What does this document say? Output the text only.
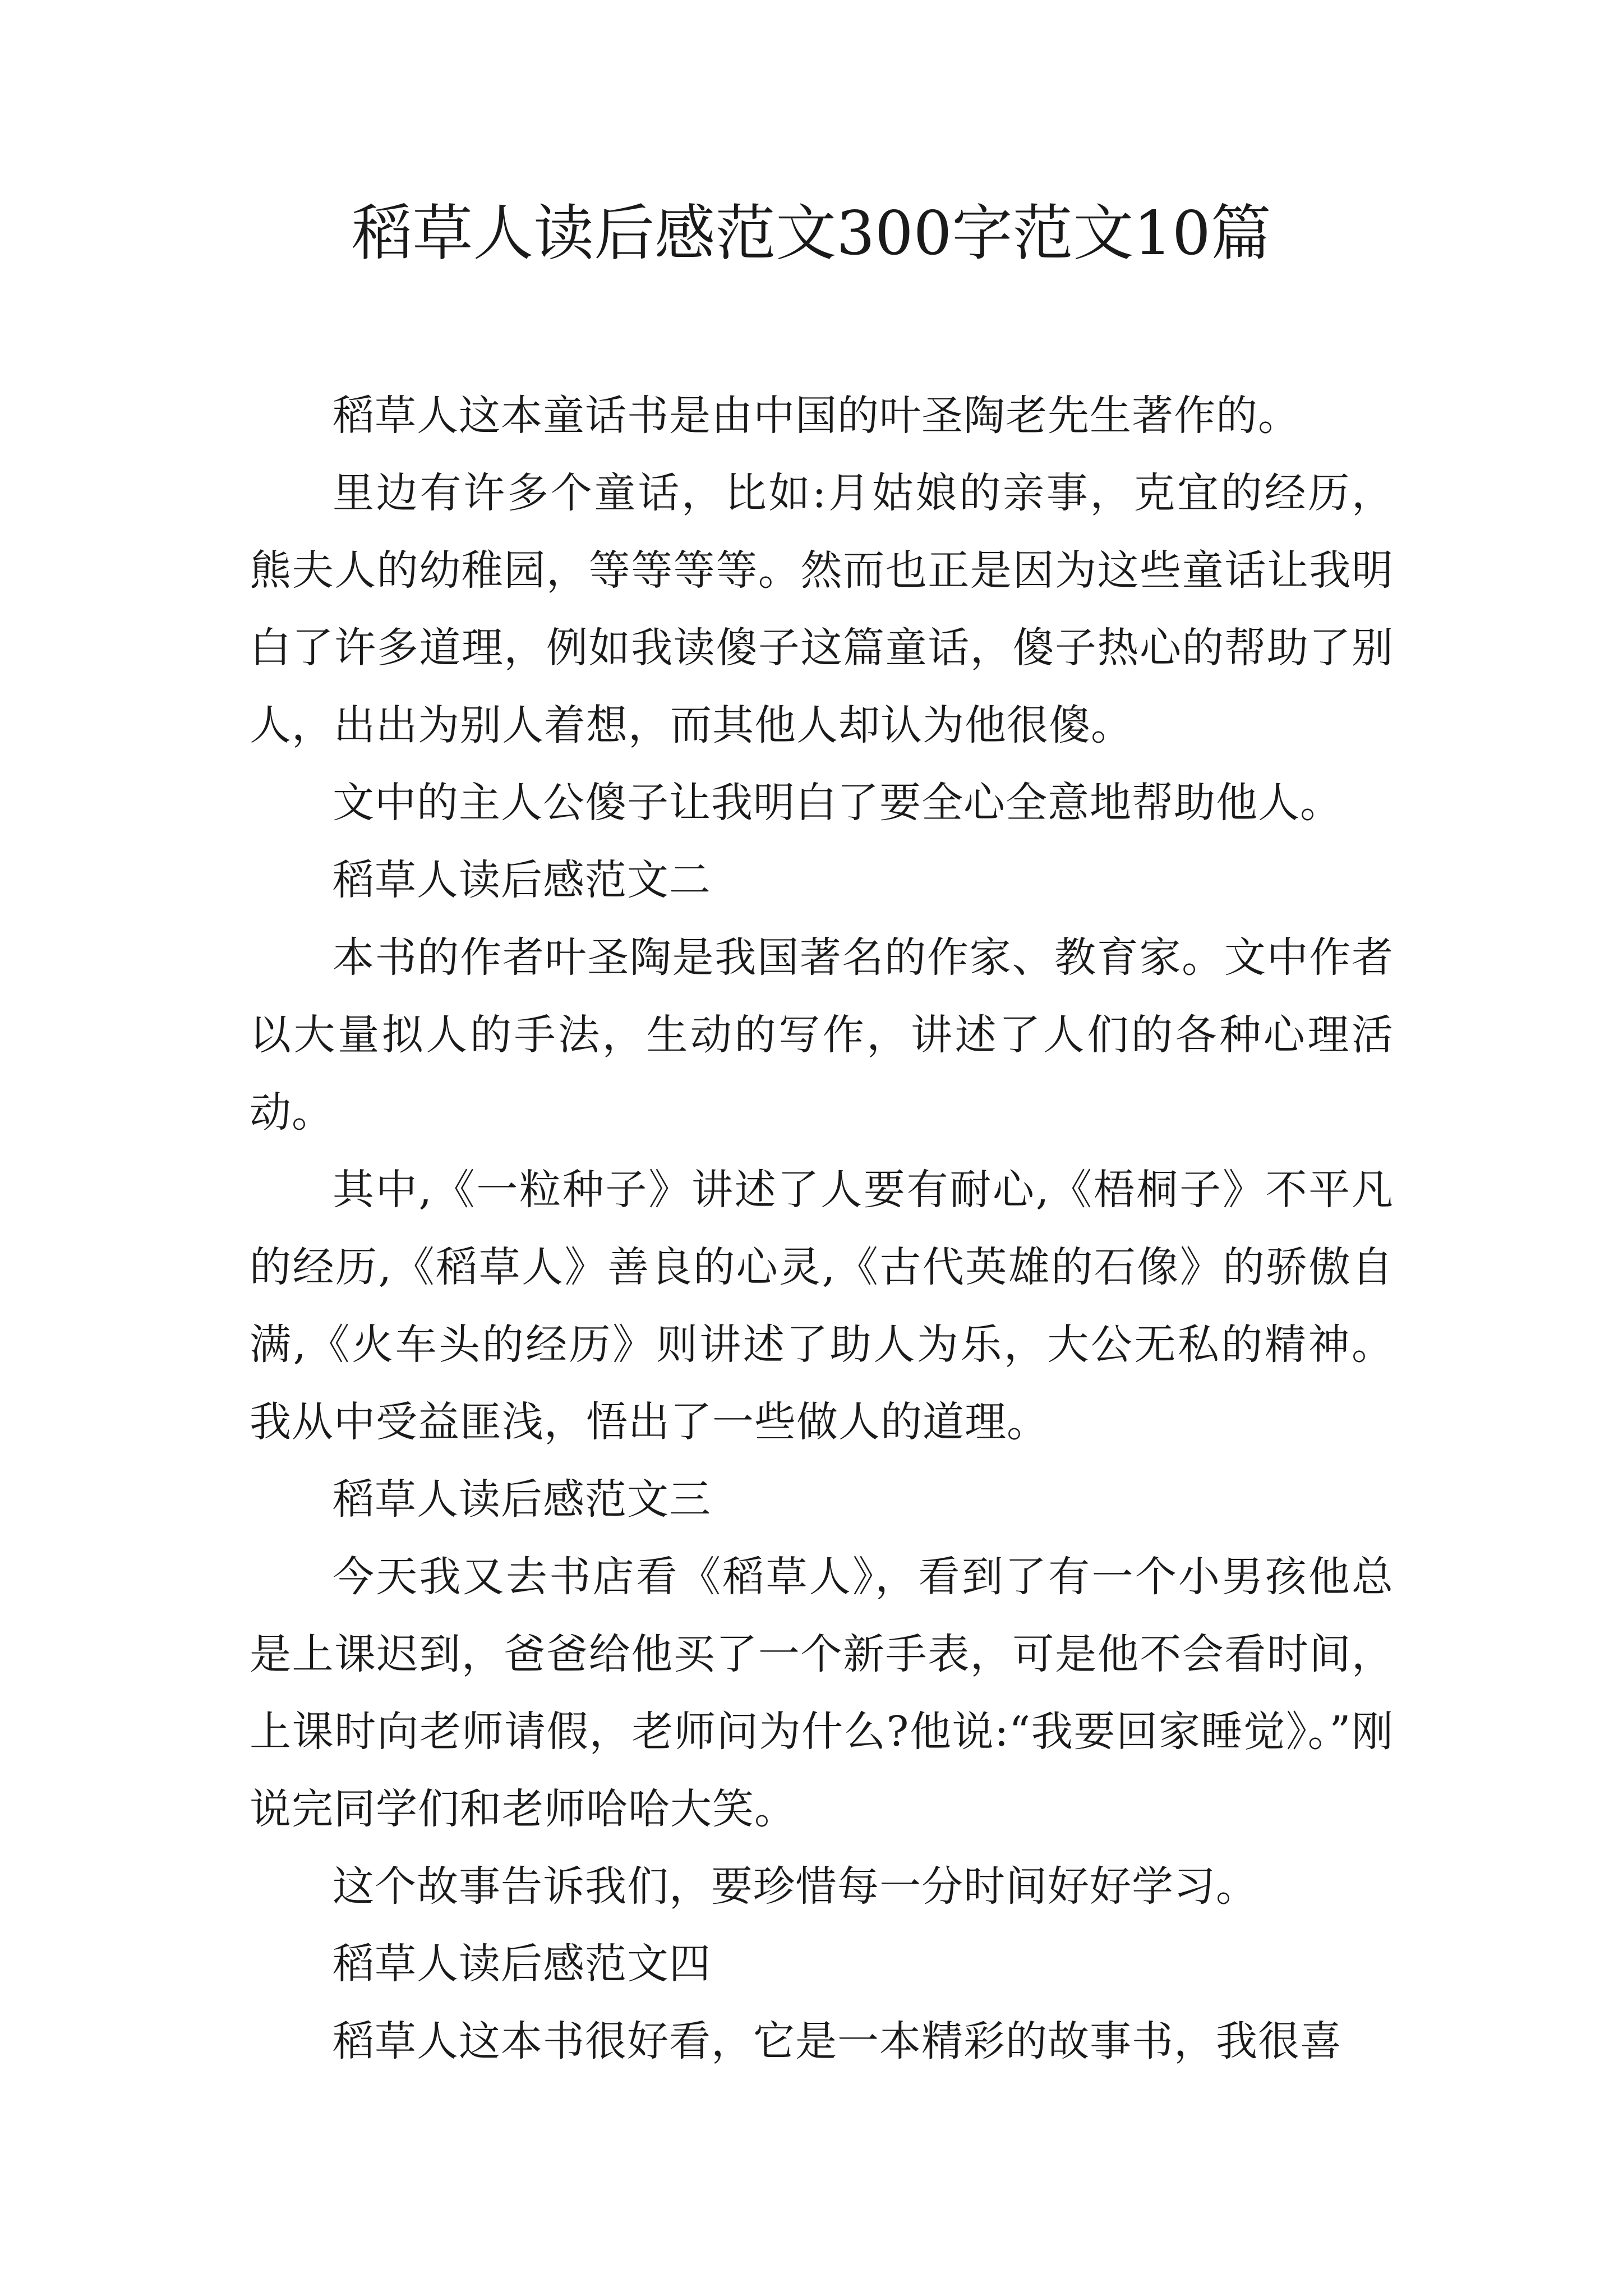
稻草人读后感范文300字范文10篇

稻草人这本童话书是由中国的叶圣陶老先生著作的。

里边有许多个童话，比如:月姑娘的亲事，克宜的经历，熊夫人的幼稚园，等等等等。然而也正是因为这些童话让我明白了许多道理，例如我读傻子这篇童话，傻子热心的帮助了别人，出出为别人着想，而其他人却认为他很傻。

文中的主人公傻子让我明白了要全心全意地帮助他人。

稻草人读后感范文二

本书的作者叶圣陶是我国著名的作家、教育家。文中作者以大量拟人的手法，生动的写作，讲述了人们的各种心理活动。

其中,《一粒种子》讲述了人要有耐心,《梧桐子》不平凡的经历,《稻草人》善良的心灵,《古代英雄的石像》的骄傲自满,《火车头的经历》则讲述了助人为乐，大公无私的精神。我从中受益匪浅，悟出了一些做人的道理。

稻草人读后感范文三

今天我又去书店看《稻草人》，看到了有一个小男孩他总是上课迟到，爸爸给他买了一个新手表，可是他不会看时间，上课时向老师请假，老师问为什么?他说:“我要回家睡觉》。”刚说完同学们和老师哈哈大笑。

这个故事告诉我们，要珍惜每一分时间好好学习。

稻草人读后感范文四

稻草人这本书很好看，它是一本精彩的故事书，我很喜
